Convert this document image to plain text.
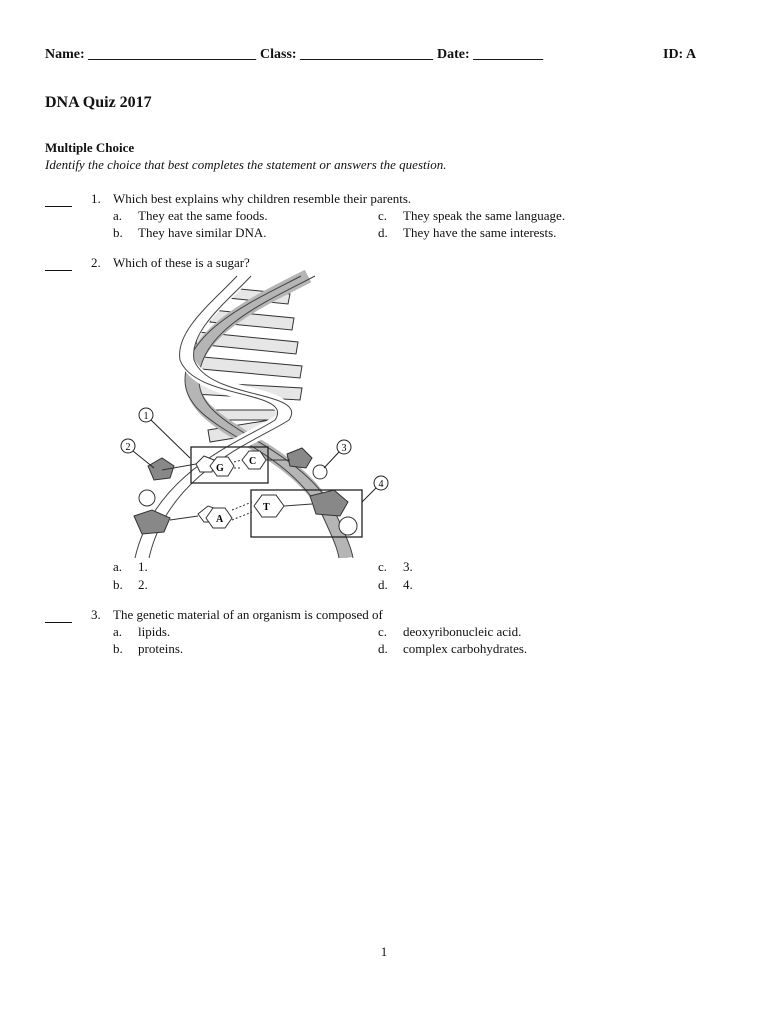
Name: ________________________ Class: ___________________ Date: __________	ID: A
DNA Quiz 2017
Multiple Choice
Identify the choice that best completes the statement or answers the question.
1. Which best explains why children resemble their parents.
a. They eat the same foods.
b. They have similar DNA.
c. They speak the same language.
d. They have the same interests.
2. Which of these is a sugar?
G
C
A
T
1
2	3
4
a. 1.
b. 2.
c. 3.
d. 4.
3. The genetic material of an organism is composed of
a. lipids.
b. proteins.
c. deoxyribonucleic acid.
d. complex carbohydrates.
1
